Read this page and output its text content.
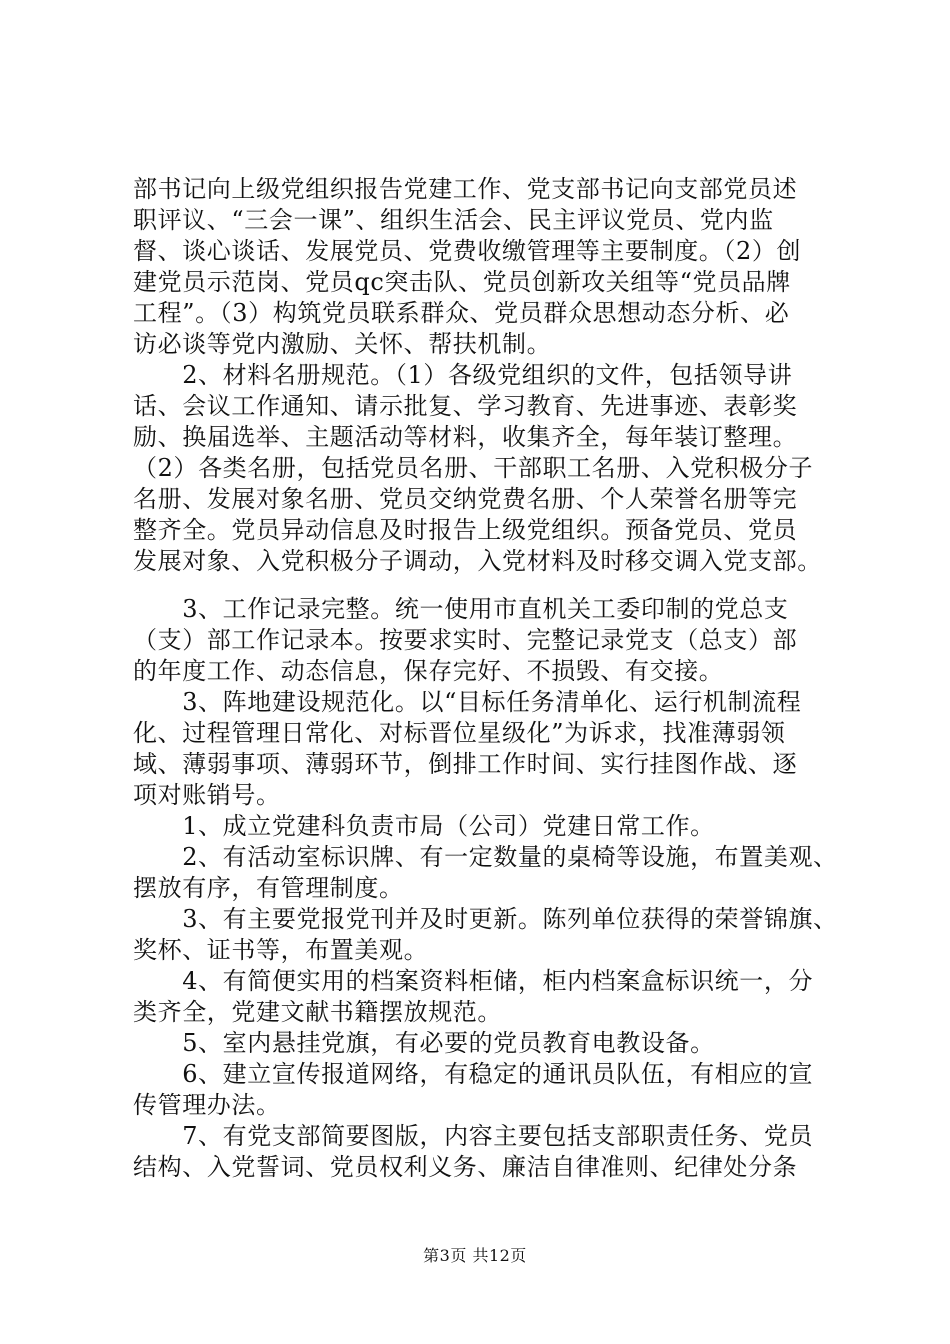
部书记向上级党组织报告党建工作、党支部书记向支部党员述
职评议、“三会一课”、组织生活会、民主评议党员、党内监
督、谈心谈话、发展党员、党费收缴管理等主要制度。（2）创
建党员示范岗、党员qc突击队、党员创新攻关组等“党员品牌
工程”。（3）构筑党员联系群众、党员群众思想动态分析、必
访必谈等党内激励、关怀、帮扶机制。
　　2、材料名册规范。（1）各级党组织的文件，包括领导讲
话、会议工作通知、请示批复、学习教育、先进事迹、表彰奖
励、换届选举、主题活动等材料，收集齐全，每年装订整理。
（2）各类名册，包括党员名册、干部职工名册、入党积极分子
名册、发展对象名册、党员交纳党费名册、个人荣誉名册等完
整齐全。党员异动信息及时报告上级党组织。预备党员、党员
发展对象、入党积极分子调动，入党材料及时移交调入党支部。
　　3、工作记录完整。统一使用市直机关工委印制的党总支
（支）部工作记录本。按要求实时、完整记录党支（总支）部
的年度工作、动态信息，保存完好、不损毁、有交接。
　　3、阵地建设规范化。以“目标任务清单化、运行机制流程
化、过程管理日常化、对标晋位星级化”为诉求，找准薄弱领
域、薄弱事项、薄弱环节，倒排工作时间、实行挂图作战、逐
项对账销号。
　　1、成立党建科负责市局（公司）党建日常工作。
　　2、有活动室标识牌、有一定数量的桌椅等设施，布置美观、
摆放有序，有管理制度。
　　3、有主要党报党刊并及时更新。陈列单位获得的荣誉锦旗、
奖杯、证书等，布置美观。
　　4、有简便实用的档案资料柜储，柜内档案盒标识统一，分
类齐全，党建文献书籍摆放规范。
　　5、室内悬挂党旗，有必要的党员教育电教设备。
　　6、建立宣传报道网络，有稳定的通讯员队伍，有相应的宣
传管理办法。
　　7、有党支部简要图版，内容主要包括支部职责任务、党员
结构、入党誓词、党员权利义务、廉洁自律准则、纪律处分条
第3页 共12页
